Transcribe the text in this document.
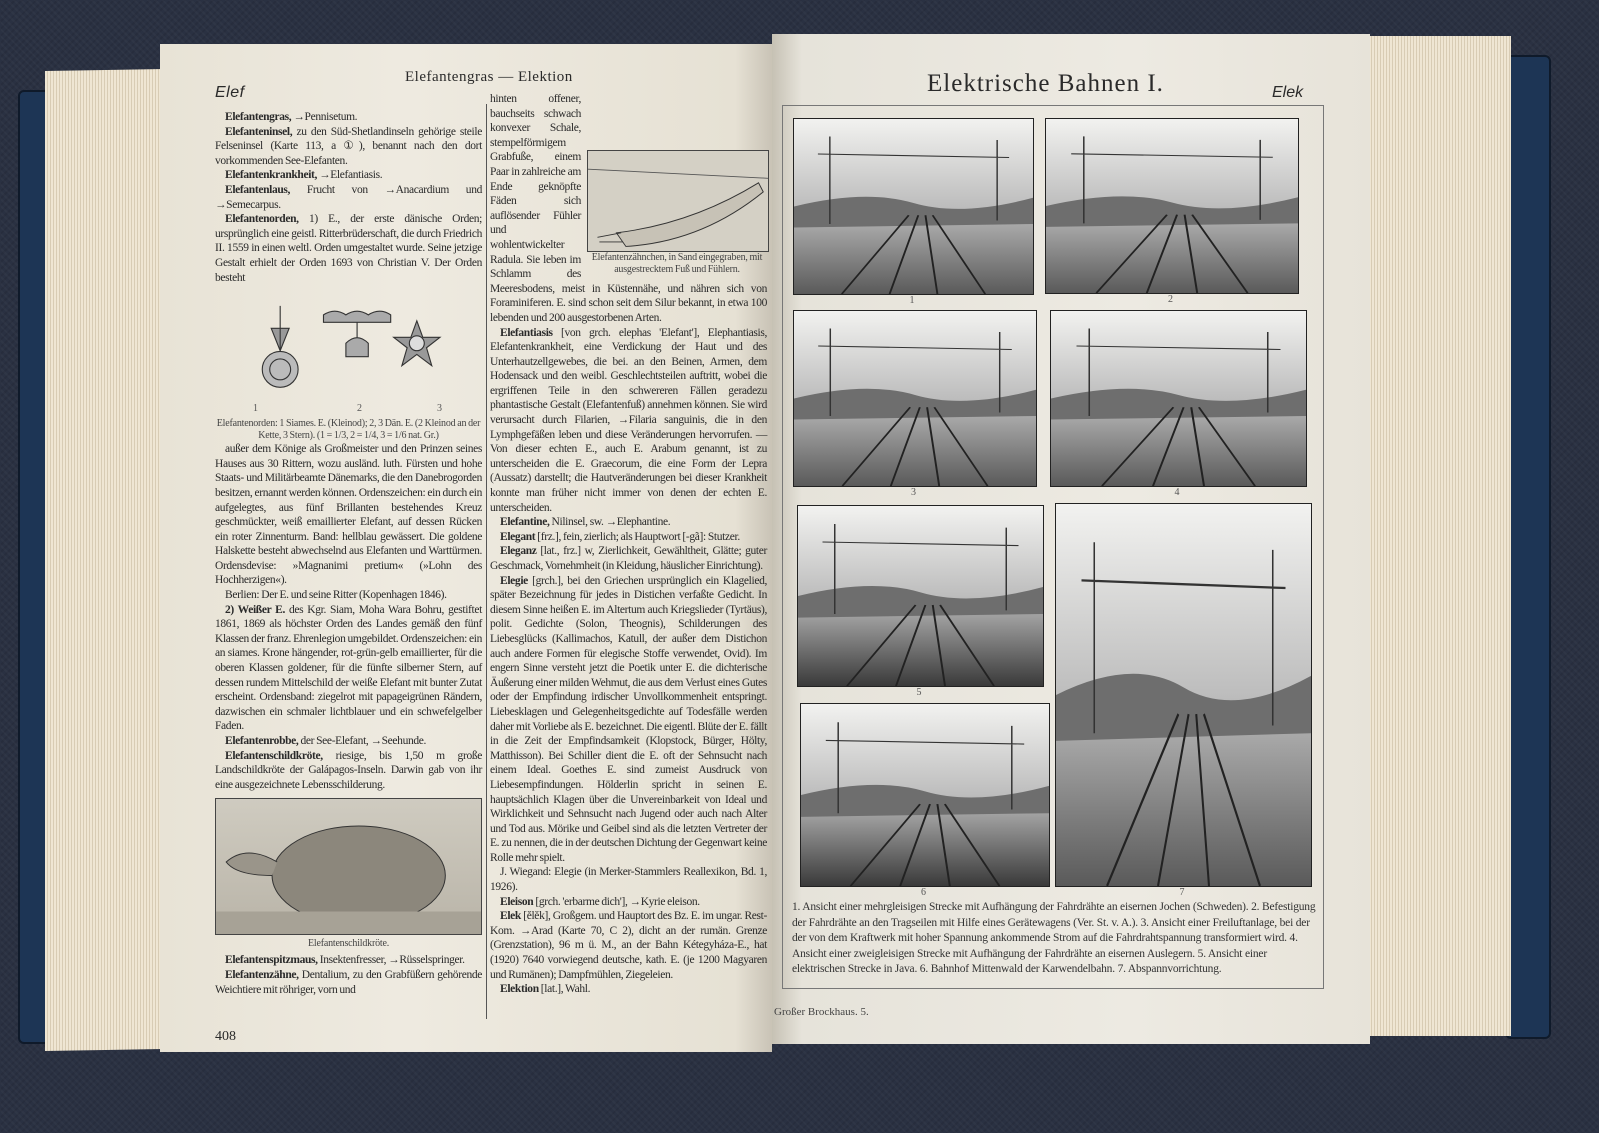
Elef
Elefantengras — Elektion

Elefantengras, →Pennisetum.

Elefanteninsel, zu den Süd-Shetlandinseln gehörige steile Felseninsel (Karte 113, a ①), benannt nach den dort vorkommenden See-Elefanten.

Elefantenkrankheit, →Elefantiasis.

Elefantenlaus, Frucht von →Anacardium und →Semecarpus.

Elefantenorden, 1) E., der erste dänische Orden; ursprünglich eine geistl. Ritterbrüderschaft, die durch Friedrich II. 1559 in einen weltl. Orden umgestaltet wurde. Seine jetzige Gestalt erhielt der Orden 1693 von Christian V. Der Orden besteht

1	2	3
Elefantenorden: 1 Siames. E. (Kleinod); 2, 3 Dän. E. (2 Kleinod an der Kette, 3 Stern). (1 = 1/3, 2 = 1/4, 3 = 1/6 nat. Gr.)

außer dem Könige als Großmeister und den Prinzen seines Hauses aus 30 Rittern, wozu ausländ. luth. Fürsten und hohe Staats- und Militärbeamte Dänemarks, die den Danebrogorden besitzen, ernannt werden können. Ordenszeichen: ein durch ein aufgelegtes, aus fünf Brillanten bestehendes Kreuz geschmückter, weiß emaillierter Elefant, auf dessen Rücken ein roter Zinnenturm. Band: hellblau gewässert. Die goldene Halskette besteht abwechselnd aus Elefanten und Warttürmen. Ordensdevise: »Magnanimi pretium« (»Lohn des Hochherzigen«).

Berlien: Der E. und seine Ritter (Kopenhagen 1846).

2) Weißer E. des Kgr. Siam, Moha Wara Bohru, gestiftet 1861, 1869 als höchster Orden des Landes gemäß den fünf Klassen der franz. Ehrenlegion umgebildet. Ordenszeichen: ein an siames. Krone hängender, rot-grün-gelb emaillierter, für die oberen Klassen goldener, für die fünfte silberner Stern, auf dessen rundem Mittelschild der weiße Elefant mit bunter Zutat erscheint. Ordensband: ziegelrot mit papageigrünen Rändern, dazwischen ein schmaler lichtblauer und ein schwefelgelber Faden.

Elefantenrobbe, der See-Elefant, →Seehunde.

Elefantenschildkröte, riesige, bis 1,50 m große Landschildkröte der Galápagos-Inseln. Darwin gab von ihr eine ausgezeichnete Lebensschilderung.

Elefantenschildkröte.

Elefantenspitzmaus, Insektenfresser, →Rüsselspringer.

Elefantenzähne, Dentalium, zu den Grabfüßern gehörende Weichtiere mit röhriger, vorn und

Elefantenzähnchen, in Sand eingegraben, mit ausgestrecktem Fuß und Fühlern.

hinten offener, bauchseits schwach konvexer Schale, stempelförmigem Grabfuße, einem Paar in zahlreiche am Ende geknöpfte Fäden sich auflösender Fühler und wohlentwickelter Radula. Sie leben im Schlamm des Meeresbodens, meist in Küstennähe, und nähren sich von Foraminiferen. E. sind schon seit dem Silur bekannt, in etwa 100 lebenden und 200 ausgestorbenen Arten.

Elefantiasis [von grch. elephas 'Elefant'], Elephantiasis, Elefantenkrankheit, eine Verdickung der Haut und des Unterhautzellgewebes, die bei. an den Beinen, Armen, dem Hodensack und den weibl. Geschlechtsteilen auftritt, wobei die ergriffenen Teile in den schwereren Fällen geradezu phantastische Gestalt (Elefantenfuß) annehmen können. Sie wird verursacht durch Filarien, →Filaria sanguinis, die in den Lymphgefäßen leben und diese Veränderungen hervorrufen. — Von dieser echten E., auch E. Arabum genannt, ist zu unterscheiden die E. Graecorum, die eine Form der Lepra (Aussatz) darstellt; die Hautveränderungen bei dieser Krankheit konnte man früher nicht immer von denen der echten E. unterscheiden.

Elefantine, Nilinsel, sw. →Elephantine.

Elegant [frz.], fein, zierlich; als Hauptwort [-gã]: Stutzer.

Eleganz [lat., frz.] w, Zierlichkeit, Gewähltheit, Glätte; guter Geschmack, Vornehmheit (in Kleidung, häuslicher Einrichtung).

Elegie [grch.], bei den Griechen ursprünglich ein Klagelied, später Bezeichnung für jedes in Distichen verfaßte Gedicht. In diesem Sinne heißen E. im Altertum auch Kriegslieder (Tyrtäus), polit. Gedichte (Solon, Theognis), Schilderungen des Liebesglücks (Kallimachos, Katull, der außer dem Distichon auch andere Formen für elegische Stoffe verwendet, Ovid). Im engern Sinne versteht jetzt die Poetik unter E. die dichterische Äußerung einer milden Wehmut, die aus dem Verlust eines Gutes oder der Empfindung irdischer Unvollkommenheit entspringt. Liebesklagen und Gelegenheitsgedichte auf Todesfälle werden daher mit Vorliebe als E. bezeichnet. Die eigentl. Blüte der E. fällt in die Zeit der Empfindsamkeit (Klopstock, Bürger, Hölty, Matthisson). Bei Schiller dient die E. oft der Sehnsucht nach einem Ideal. Goethes E. sind zumeist Ausdruck von Liebesempfindungen. Hölderlin spricht in seinen E. hauptsächlich Klagen über die Unvereinbarkeit von Ideal und Wirklichkeit und Sehnsucht nach Jugend oder auch nach Alter und Tod aus. Mörike und Geibel sind als die letzten Vertreter der E. zu nennen, die in der deutschen Dichtung der Gegenwart keine Rolle mehr spielt.

J. Wiegand: Elegie (in Merker-Stammlers Reallexikon, Bd. 1, 1926).

Eleison [grch. 'erbarme dich'], →Kyrie eleison.

Elek [ĕlĕk], Großgem. und Hauptort des Bz. E. im ungar. Rest-Kom. →Arad (Karte 70, C 2), dicht an der rumän. Grenze (Grenzstation), 96 m ü. M., an der Bahn Kétegyháza-E., hat (1920) 7640 vorwiegend deutsche, kath. E. (je 1200 Magyaren und Rumänen); Dampfmühlen, Ziegeleien.

Elektion [lat.], Wahl.

408
Elektrische Bahnen I.	Elek
Großer Brockhaus. 5.
1	2
3	4
5
6	7
1. Ansicht einer mehrgleisigen Strecke mit Aufhängung der Fahrdrähte an eisernen Jochen (Schweden). 2. Befestigung der Fahrdrähte an den Tragseilen mit Hilfe eines Gerätewagens (Ver. St. v. A.). 3. Ansicht einer Freiluftanlage, bei der der von dem Kraftwerk mit hoher Spannung ankommende Strom auf die Fahrdrahtspannung transformiert wird. 4. Ansicht einer zweigleisigen Strecke mit Aufhängung der Fahrdrähte an eisernen Auslegern. 5. Ansicht einer elektrischen Strecke in Java. 6. Bahnhof Mittenwald der Karwendelbahn. 7. Abspannvorrichtung.
